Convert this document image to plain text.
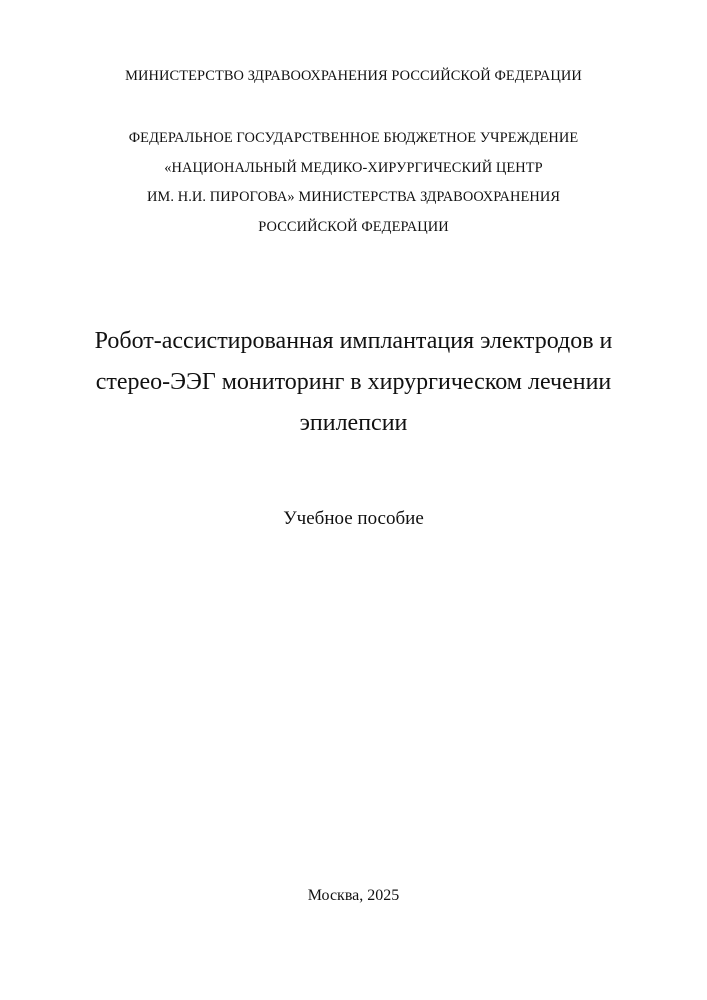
МИНИСТЕРСТВО ЗДРАВООХРАНЕНИЯ РОССИЙСКОЙ ФЕДЕРАЦИИ
ФЕДЕРАЛЬНОЕ ГОСУДАРСТВЕННОЕ БЮДЖЕТНОЕ УЧРЕЖДЕНИЕ
«НАЦИОНАЛЬНЫЙ МЕДИКО-ХИРУРГИЧЕСКИЙ ЦЕНТР
ИМ. Н.И. ПИРОГОВА» МИНИСТЕРСТВА ЗДРАВООХРАНЕНИЯ
РОССИЙСКОЙ ФЕДЕРАЦИИ
Робот-ассистированная имплантация электродов и
стерео-ЭЭГ мониторинг в хирургическом лечении
эпилепсии
Учебное пособие
Москва, 2025
